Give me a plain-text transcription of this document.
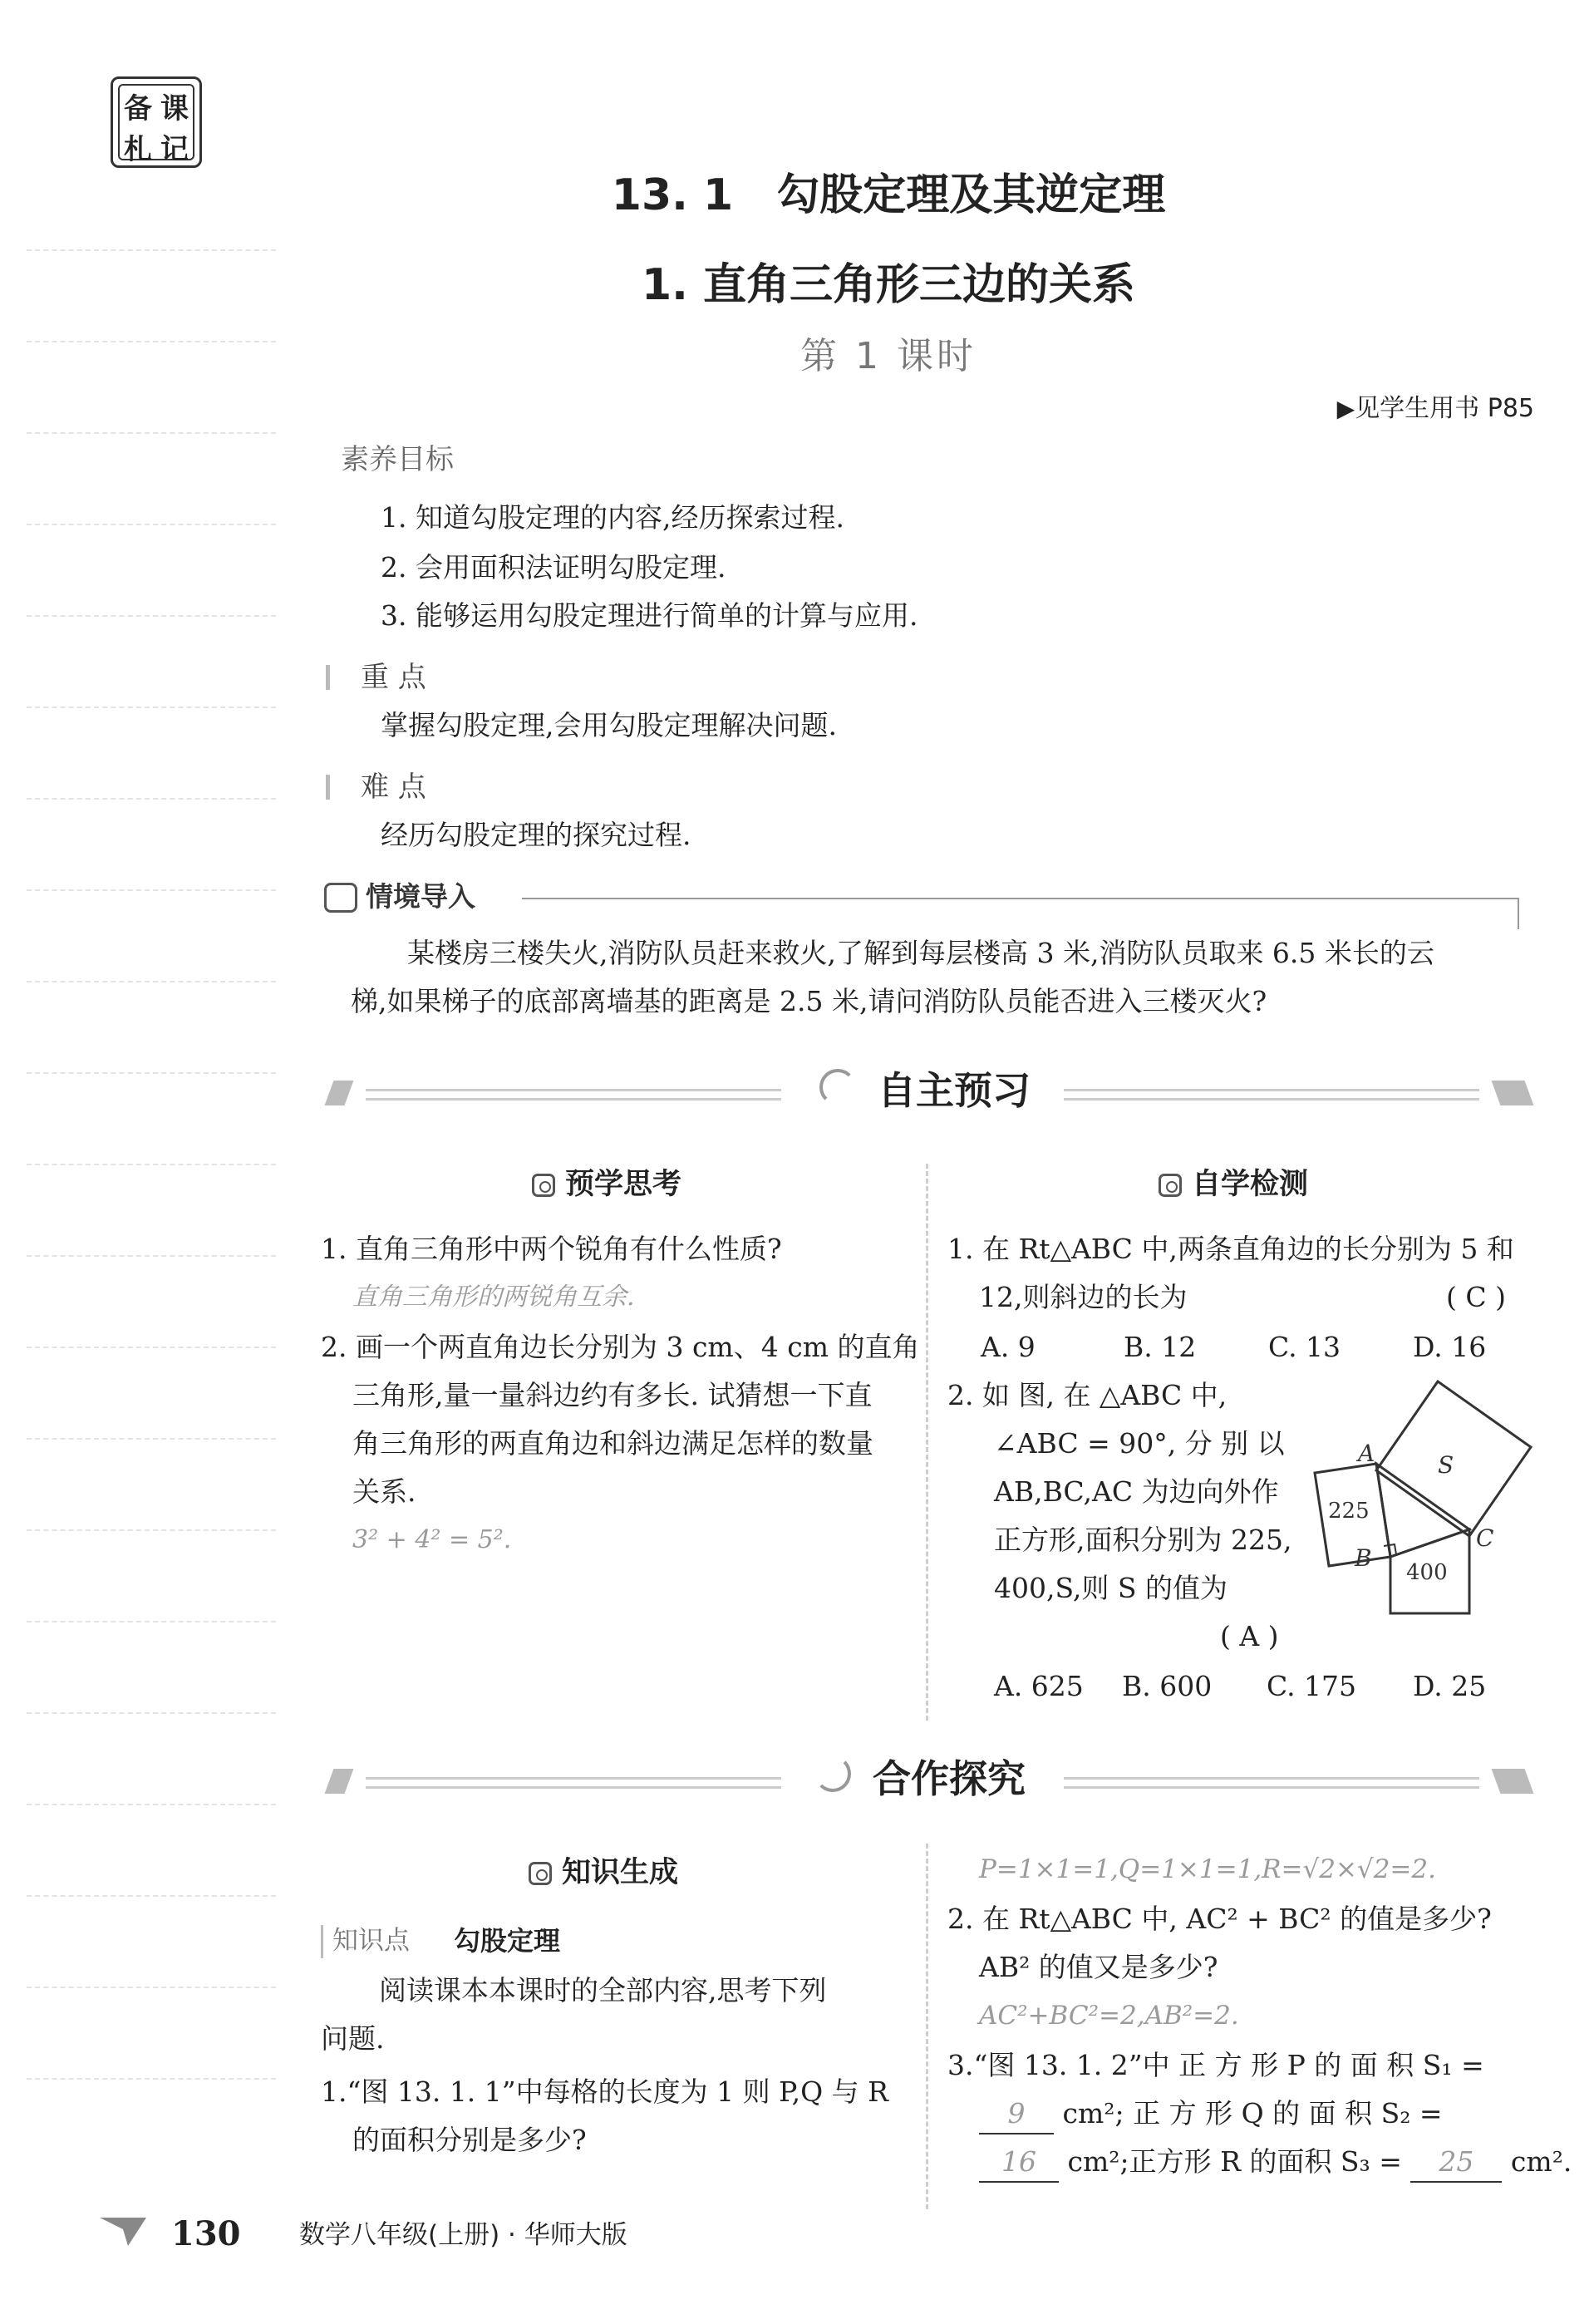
备 课
札 记
13. 1　勾股定理及其逆定理
1. 直角三角形三边的关系
第 1 课时
▶见学生用书 P85
素养目标
1. 知道勾股定理的内容,经历探索过程.
2. 会用面积法证明勾股定理.
3. 能够运用勾股定理进行简单的计算与应用.
重 点
掌握勾股定理,会用勾股定理解决问题.
难 点
经历勾股定理的探究过程.
情境导入
某楼房三楼失火,消防队员赶来救火,了解到每层楼高 3 米,消防队员取来 6.5 米长的云
梯,如果梯子的底部离墙基的距离是 2.5 米,请问消防队员能否进入三楼灭火?
自主预习
预学思考
1. 直角三角形中两个锐角有什么性质?
直角三角形的两锐角互余.
2. 画一个两直角边长分别为 3 cm、4 cm 的直角
三角形,量一量斜边约有多长. 试猜想一下直
角三角形的两直角边和斜边满足怎样的数量
关系.
3² + 4² = 5².
自学检测
1. 在 Rt△ABC 中,两条直角边的长分别为 5 和
12,则斜边的长为	( C )
A. 9	B. 12	C. 13	D. 16
2. 如 图, 在 △ABC 中,
∠ABC = 90°, 分 别 以
AB,BC,AC 为边向外作
正方形,面积分别为 225,
400,S,则 S 的值为
( A )
A. 625 B. 600 C. 175 D. 25
A
B
C
S
225
400
合作探究
知识生成
知识点 勾股定理
阅读课本本课时的全部内容,思考下列
问题.
1.“图 13. 1. 1”中每格的长度为 1 则 P,Q 与 R
的面积分别是多少?
P=1×1=1,Q=1×1=1,R=√2×√2=2.
2. 在 Rt△ABC 中, AC² + BC² 的值是多少?
AB² 的值又是多少?
AC²+BC²=2,AB²=2.
3.“图 13. 1. 2”中 正 方 形 P 的 面 积 S₁ =
9 cm²; 正 方 形 Q 的 面 积 S₂ =
16 cm²;正方形 R 的面积 S₃ = 25 cm².
130 数学八年级(上册) · 华师大版
